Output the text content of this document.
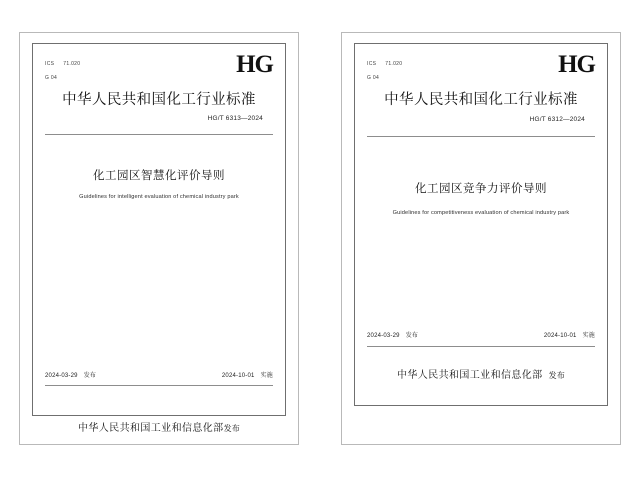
ICS 71.020

G 04	HG
中华人民共和国化工行业标准
HG/T 6313—2024
化工园区智慧化评价导则
Guidelines for intelligent evaluation of chemical industry park
2024-03-29 发布	2024-10-01 实施
中华人民共和国工业和信息化部发布

ICS 71.020

G 04	HG
中华人民共和国化工行业标准
HG/T 6312—2024
化工园区竞争力评价导则
Guidelines for competitiveness evaluation of chemical industry park
2024-03-29 发布	2024-10-01 实施
中华人民共和国工业和信息化部 发布
